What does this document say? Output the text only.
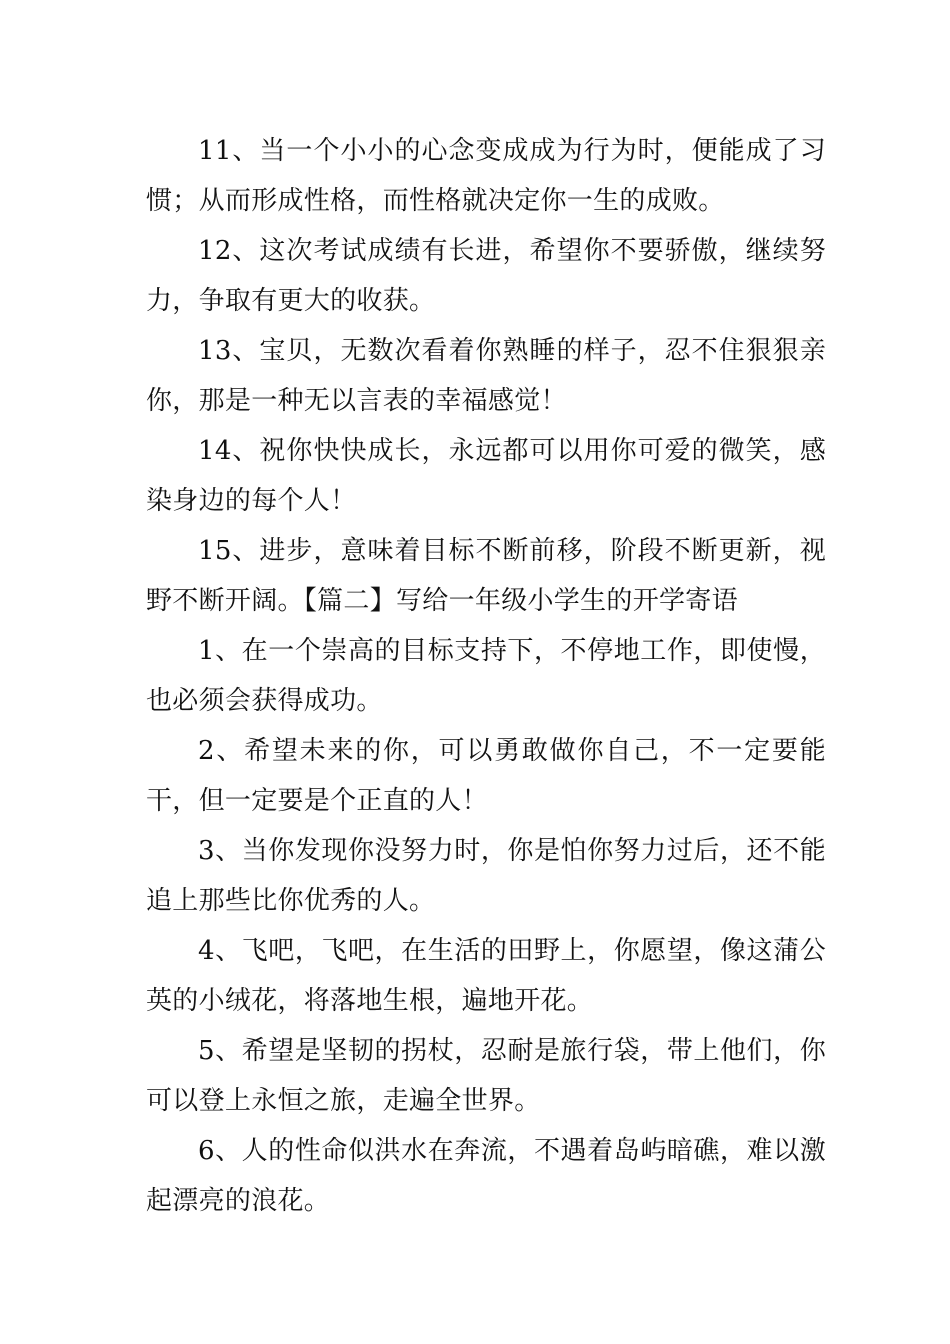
11、当一个小小的心念变成成为行为时，便能成了习惯；从而形成性格，而性格就决定你一生的成败。

12、这次考试成绩有长进，希望你不要骄傲，继续努力，争取有更大的收获。

13、宝贝，无数次看着你熟睡的样子，忍不住狠狠亲你，那是一种无以言表的幸福感觉！

14、祝你快快成长，永远都可以用你可爱的微笑，感染身边的每个人！

15、进步，意味着目标不断前移，阶段不断更新，视野不断开阔。【篇二】写给一年级小学生的开学寄语

1、在一个崇高的目标支持下，不停地工作，即使慢，也必须会获得成功。

2、希望未来的你，可以勇敢做你自己，不一定要能干，但一定要是个正直的人！

3、当你发现你没努力时，你是怕你努力过后，还不能追上那些比你优秀的人。

4、飞吧，飞吧，在生活的田野上，你愿望，像这蒲公英的小绒花，将落地生根，遍地开花。

5、希望是坚韧的拐杖，忍耐是旅行袋，带上他们，你可以登上永恒之旅，走遍全世界。

6、人的性命似洪水在奔流，不遇着岛屿暗礁，难以激起漂亮的浪花。
